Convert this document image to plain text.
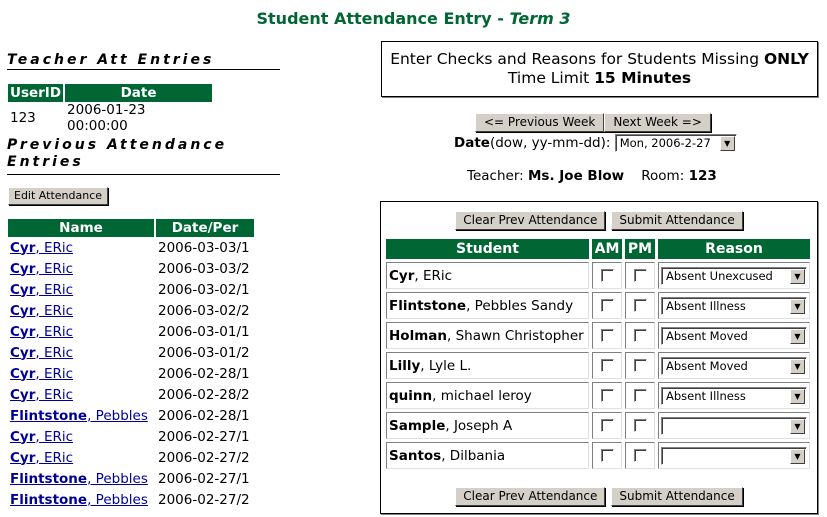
Student Attendance Entry - Term 3
Teacher Att Entries
UserID	Date
123	2006-01-23 00:00:00
Previous Attendance
Entries
Edit Attendance
Name	Date/Per
Cyr, ERic	2006-03-03/1
Cyr, ERic	2006-03-03/2
Cyr, ERic	2006-03-02/1
Cyr, ERic	2006-03-02/2
Cyr, ERic	2006-03-01/1
Cyr, ERic	2006-03-01/2
Cyr, ERic	2006-02-28/1
Cyr, ERic	2006-02-28/2
Flintstone, Pebbles	2006-02-28/1
Cyr, ERic	2006-02-27/1
Cyr, ERic	2006-02-27/2
Flintstone, Pebbles	2006-02-27/1
Flintstone, Pebbles	2006-02-27/2
Enter Checks and Reasons for Students Missing ONLY
Time Limit 15 Minutes
<= Previous Week Next Week =>
Date(dow, yy-mm-dd): Mon, 2006-2-27	▼
Teacher: Ms. Joe Blow Room: 123
Clear Prev Attendance Submit Attendance
Student	AM	PM	Reason
Cyr, ERic			Absent Unexcused ▼

Flintstone, Pebbles Sandy			Absent Illness ▼

Holman, Shawn Christopher			Absent Moved ▼

Lilly, Lyle L.			Absent Moved ▼

quinn, michael leroy			Absent Illness ▼

Sample, Joseph A			▼

Santos, Dilbania			▼
Clear Prev Attendance Submit Attendance
